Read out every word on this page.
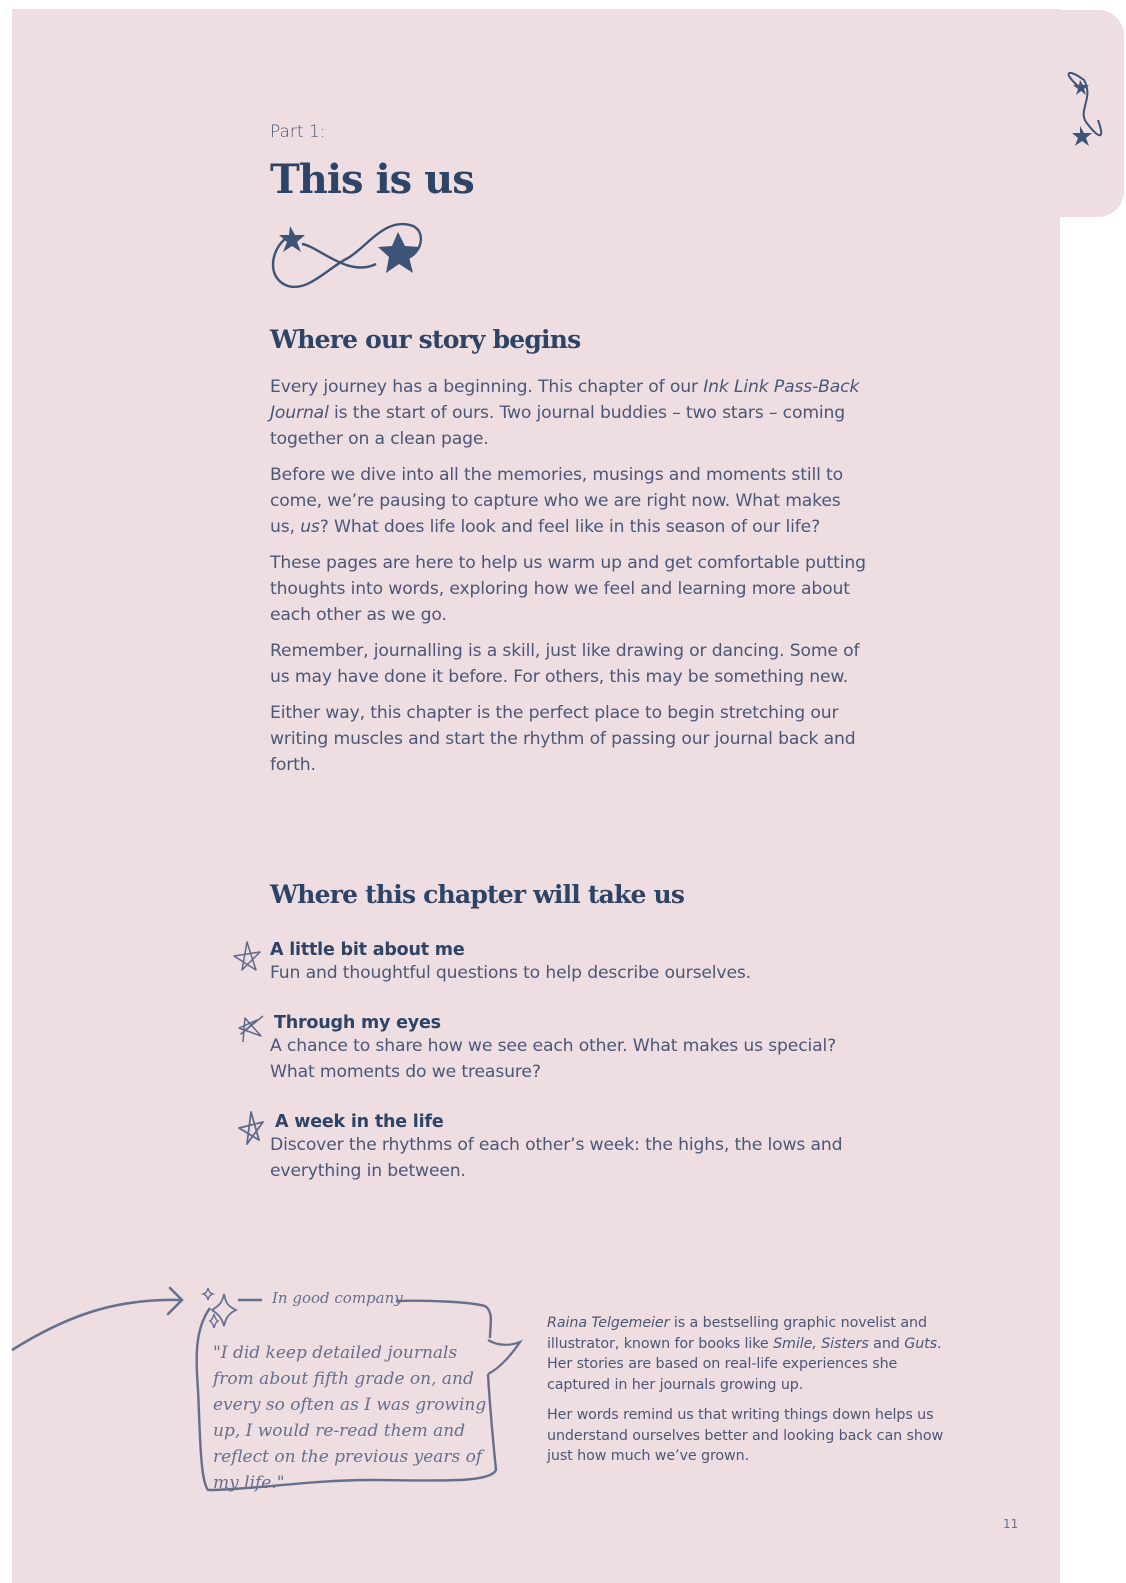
Part 1:
This is us
Where our story begins

Every journey has a beginning. This chapter of our Ink Link Pass-Back Journal is the start of ours. Two journal buddies – two stars – coming together on a clean page.

Before we dive into all the memories, musings and moments still to come, we’re pausing to capture who we are right now. What makes us, us? What does life look and feel like in this season of our life?

These pages are here to help us warm up and get comfortable putting thoughts into words, exploring how we feel and learning more about each other as we go.

Remember, journalling is a skill, just like drawing or dancing. Some of us may have done it before. For others, this may be something new.

Either way, this chapter is the perfect place to begin stretching our writing muscles and start the rhythm of passing our journal back and forth.

Where this chapter will take us
A little bit about me
Fun and thoughtful questions to help describe ourselves.
Through my eyes
A chance to share how we see each other. What makes us special? What moments do we treasure?
A week in the life
Discover the rhythms of each other’s week: the highs, the lows and everything in between.
In good company
"I did keep detailed journals from about fifth grade on, and every so often as I was growing up, I would re-read them and reflect on the previous years of my life."

Raina Telgemeier is a bestselling graphic novelist and illustrator, known for books like Smile, Sisters and Guts. Her stories are based on real-life experiences she captured in her journals growing up.

Her words remind us that writing things down helps us understand ourselves better and looking back can show just how much we’ve grown.

11
